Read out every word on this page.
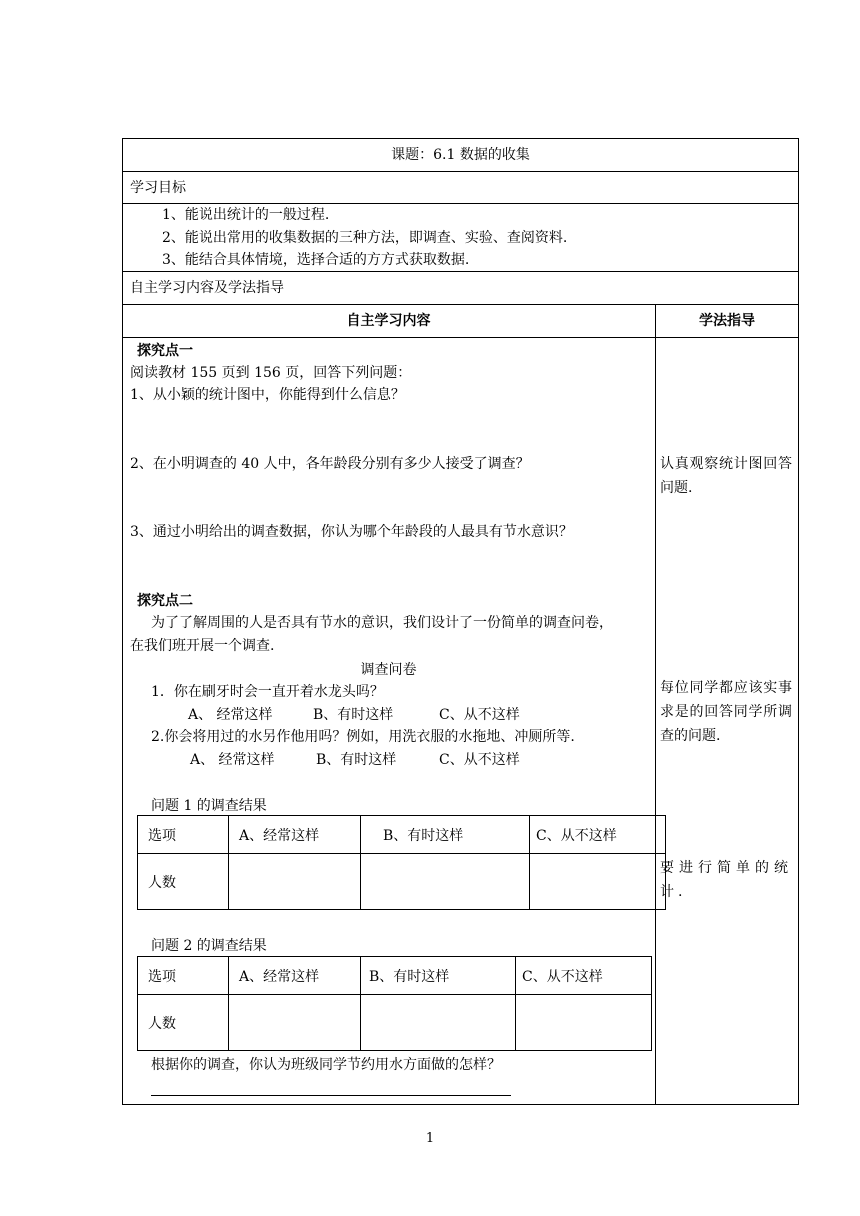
课题：6.1 数据的收集
学习目标
1、能说出统计的一般过程.
2、能说出常用的收集数据的三种方法，即调查、实验、查阅资料.
3、能结合具体情境，选择合适的方方式获取数据.
自主学习内容及学法指导
自主学习内容	学法指导
探究点一
阅读教材 155 页到 156 页，回答下列问题：
1、从小颖的统计图中，你能得到什么信息？
2、在小明调查的 40 人中，各年龄段分别有多少人接受了调查？
3、通过小明给出的调查数据，你认为哪个年龄段的人最具有节水意识？
探究点二
为了了解周围的人是否具有节水的意识，我们设计了一份简单的调查问卷，
在我们班开展一个调查.
调查问卷
1．你在刷牙时会一直开着水龙头吗？
A、 经常这样	B、有时这样	C、从不这样
2.你会将用过的水另作他用吗？例如，用洗衣服的水拖地、冲厕所等.
A、 经常这样	B、有时这样	C、从不这样
问题 1 的调查结果
选项	A、经常这样	B、有时这样	C、从不这样
人数			
问题 2 的调查结果
选项	A、经常这样	B、有时这样	C、从不这样
人数			
根据你的调查，你认为班级同学节约用水方面做的怎样？
认真观察统计图回答问题.
每位同学都应该实事求是的回答同学所调查的问题.
要进行简单的统计.
1
